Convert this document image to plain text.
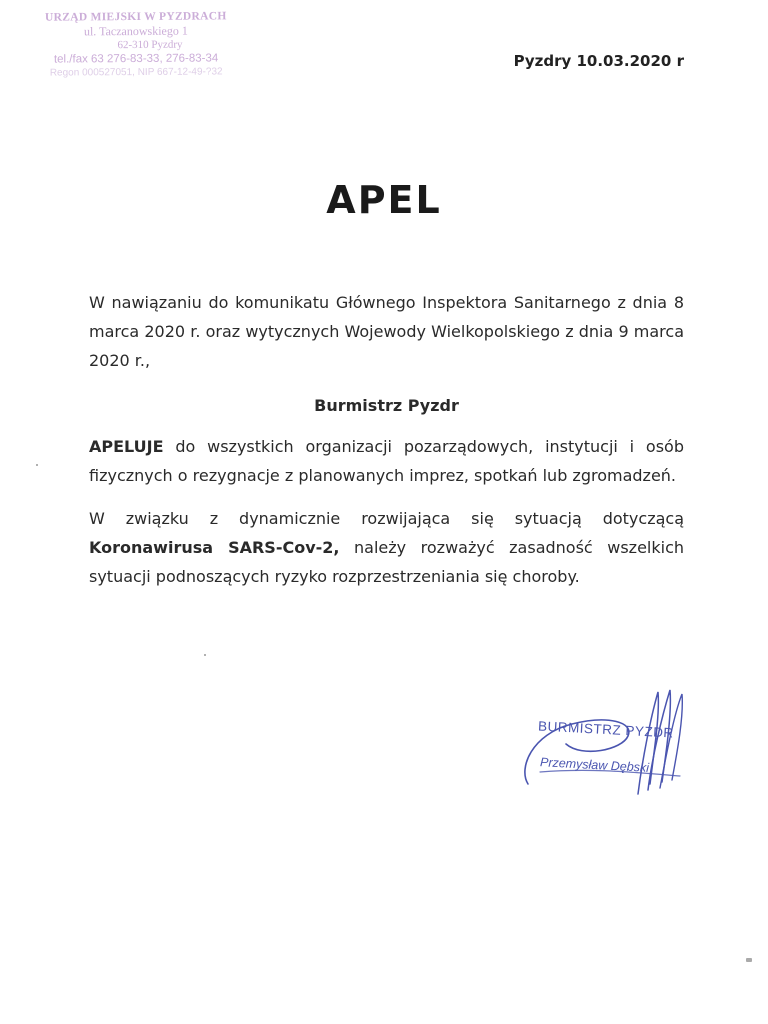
URZĄD MIEJSKI W PYZDRACH
ul. Taczanowskiego 1
62-310 Pyzdry
tel./fax 63 276-83-33, 276-83-34
Regon 000527051, NIP 667-12-49-?32
Pyzdry 10.03.2020 r
APEL

W nawiązaniu do komunikatu Głównego Inspektora Sanitarnego z dnia 8 marca 2020 r. oraz wytycznych Wojewody Wielkopolskiego z dnia 9 marca 2020 r.,

Burmistrz Pyzdr

APELUJE do wszystkich organizacji pozarządowych, instytucji i osób fizycznych o rezygnacje z planowanych imprez, spotkań lub zgromadzeń.

W związku z dynamicznie rozwijająca się sytuacją dotyczącą Koronawirusa SARS-Cov-2, należy rozważyć zasadność wszelkich sytuacji podnoszących ryzyko rozprzestrzeniania się choroby.

BURMISTRZ PYZDR
Przemysław Dębski
